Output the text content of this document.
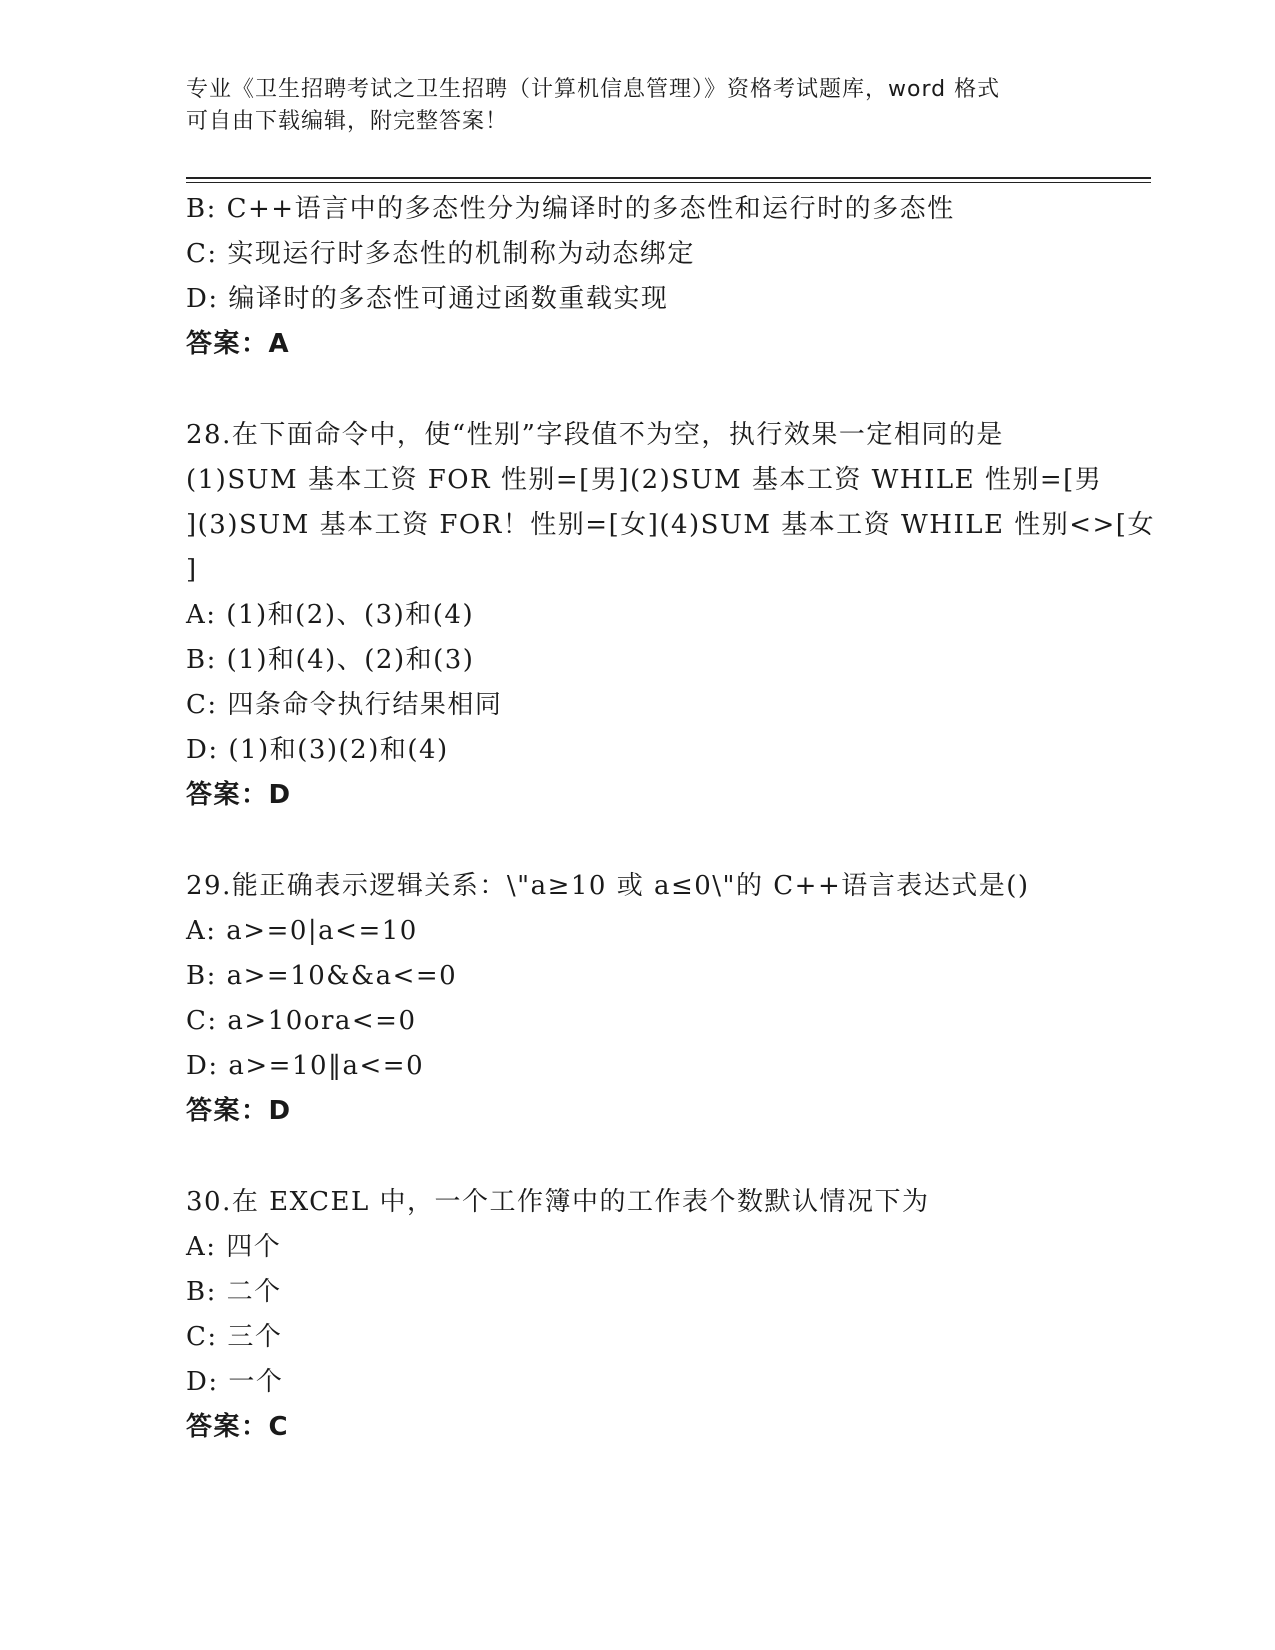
专业《卫生招聘考试之卫生招聘（计算机信息管理）》资格考试题库，word 格式
可自由下载编辑，附完整答案！
B: C++语言中的多态性分为编译时的多态性和运行时的多态性
C: 实现运行时多态性的机制称为动态绑定
D: 编译时的多态性可通过函数重载实现
答案：A
28.在下面命令中，使“性别”字段值不为空，执行效果一定相同的是
(1)SUM 基本工资 FOR 性别=[男](2)SUM 基本工资 WHILE 性别=[男
](3)SUM 基本工资 FOR！性别=[女](4)SUM 基本工资 WHILE 性别<>[女
]
A: (1)和(2)、(3)和(4)
B: (1)和(4)、(2)和(3)
C: 四条命令执行结果相同
D: (1)和(3)(2)和(4)
答案：D
29.能正确表示逻辑关系：\"a≥10 或 a≤0\"的 C++语言表达式是()
A: a>=0|a<=10
B: a>=10&&a<=0
C: a>10ora<=0
D: a>=10‖a<=0
答案：D
30.在 EXCEL 中，一个工作簿中的工作表个数默认情况下为
A: 四个
B: 二个
C: 三个
D: 一个
答案：C
